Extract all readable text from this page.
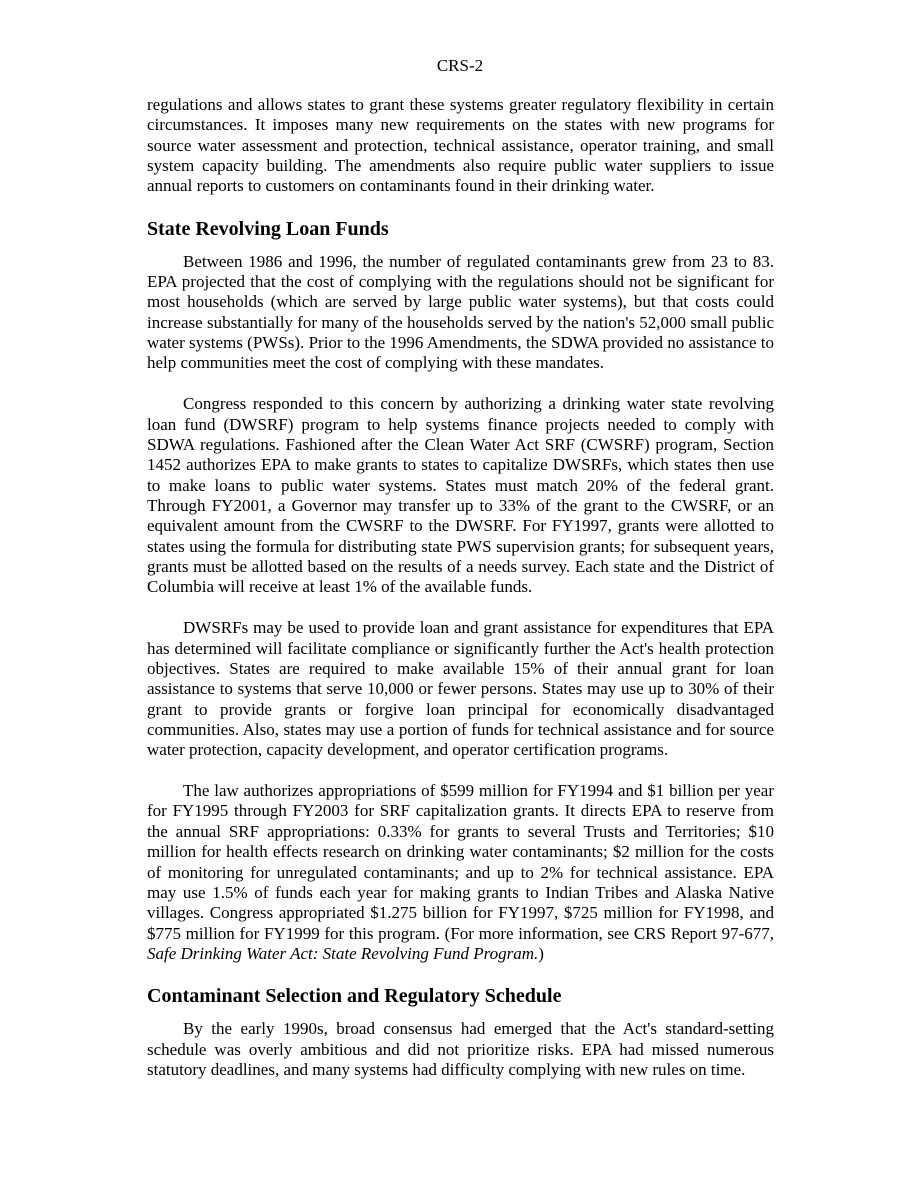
CRS-2

regulations and allows states to grant these systems greater regulatory flexibility in certain circumstances. It imposes many new requirements on the states with new programs for source water assessment and protection, technical assistance, operator training, and small system capacity building. The amendments also require public water suppliers to issue annual reports to customers on contaminants found in their drinking water.

State Revolving Loan Funds

Between 1986 and 1996, the number of regulated contaminants grew from 23 to 83. EPA projected that the cost of complying with the regulations should not be significant for most households (which are served by large public water systems), but that costs could increase substantially for many of the households served by the nation's 52,000 small public water systems (PWSs). Prior to the 1996 Amendments, the SDWA provided no assistance to help communities meet the cost of complying with these mandates.

Congress responded to this concern by authorizing a drinking water state revolving loan fund (DWSRF) program to help systems finance projects needed to comply with SDWA regulations. Fashioned after the Clean Water Act SRF (CWSRF) program, Section 1452 authorizes EPA to make grants to states to capitalize DWSRFs, which states then use to make loans to public water systems. States must match 20% of the federal grant. Through FY2001, a Governor may transfer up to 33% of the grant to the CWSRF, or an equivalent amount from the CWSRF to the DWSRF. For FY1997, grants were allotted to states using the formula for distributing state PWS supervision grants; for subsequent years, grants must be allotted based on the results of a needs survey. Each state and the District of Columbia will receive at least 1% of the available funds.

DWSRFs may be used to provide loan and grant assistance for expenditures that EPA has determined will facilitate compliance or significantly further the Act's health protection objectives. States are required to make available 15% of their annual grant for loan assistance to systems that serve 10,000 or fewer persons. States may use up to 30% of their grant to provide grants or forgive loan principal for economically disadvantaged communities. Also, states may use a portion of funds for technical assistance and for source water protection, capacity development, and operator certification programs.

The law authorizes appropriations of $599 million for FY1994 and $1 billion per year for FY1995 through FY2003 for SRF capitalization grants. It directs EPA to reserve from the annual SRF appropriations: 0.33% for grants to several Trusts and Territories; $10 million for health effects research on drinking water contaminants; $2 million for the costs of monitoring for unregulated contaminants; and up to 2% for technical assistance. EPA may use 1.5% of funds each year for making grants to Indian Tribes and Alaska Native villages. Congress appropriated $1.275 billion for FY1997, $725 million for FY1998, and $775 million for FY1999 for this program. (For more information, see CRS Report 97-677, Safe Drinking Water Act: State Revolving Fund Program.)

Contaminant Selection and Regulatory Schedule

By the early 1990s, broad consensus had emerged that the Act's standard-setting schedule was overly ambitious and did not prioritize risks. EPA had missed numerous statutory deadlines, and many systems had difficulty complying with new rules on time.
